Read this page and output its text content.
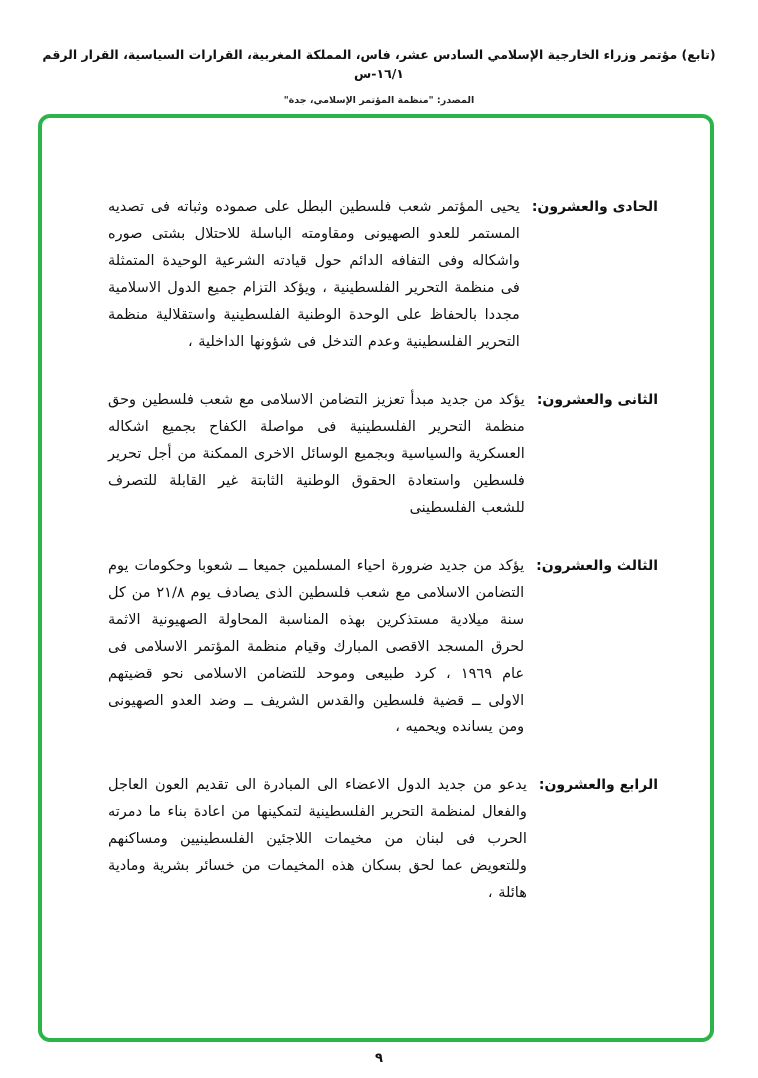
(تابع) مؤتمر وزراء الخارجية الإسلامي السادس عشر، فاس، المملكة المغربية، القرارات السياسية، القرار الرقم ١٦/١-س
المصدر: "منظمة المؤتمر الإسلامي، جدة"
الحادى والعشرون:
يحيى المؤتمر شعب فلسطين البطل على صموده وثباته فى تصديه المستمر للعدو الصهيونى ومقاومته الباسلة للاحتلال بشتى صوره واشكاله وفى التفافه الدائم حول قيادته الشرعية الوحيدة المتمثلة فى منظمة التحرير الفلسطينية ، ويؤكد التزام جميع الدول الاسلامية مجددا بالحفاظ على الوحدة الوطنية الفلسطينية واستقلالية منظمة التحرير الفلسطينية وعدم التدخل فى شؤونها الداخلية ،
الثانى والعشرون:
يؤكد من جديد مبدأ تعزيز التضامن الاسلامى مع شعب فلسطين وحق منظمة التحرير الفلسطينية فى مواصلة الكفاح بجميع اشكاله العسكرية والسياسية وبجميع الوسائل الاخرى الممكنة من أجل تحرير فلسطين واستعادة الحقوق الوطنية الثابتة غير القابلة للتصرف للشعب الفلسطينى
الثالث والعشرون:
يؤكد من جديد ضرورة احياء المسلمين جميعا ــ شعوبا وحكومات يوم التضامن الاسلامى مع شعب فلسطين الذى يصادف يوم ٢١/٨ من كل سنة ميلادية مستذكرين بهذه المناسبة المحاولة الصهيونية الاثمة لحرق المسجد الاقصى المبارك وقيام منظمة المؤتمر الاسلامى فى عام ١٩٦٩ ، كرد طبيعى وموحد للتضامن الاسلامى نحو قضيتهم الاولى ــ قضية فلسطين والقدس الشريف ــ وضد العدو الصهيونى ومن يسانده ويحميه ،
الرابع والعشرون:
يدعو من جديد الدول الاعضاء الى المبادرة الى تقديم العون العاجل والفعال لمنظمة التحرير الفلسطينية لتمكينها من اعادة بناء ما دمرته الحرب فى لبنان من مخيمات اللاجئين الفلسطينيين ومساكنهم وللتعويض عما لحق بسكان هذه المخيمات من خسائر بشرية ومادية هائلة ،
٩
